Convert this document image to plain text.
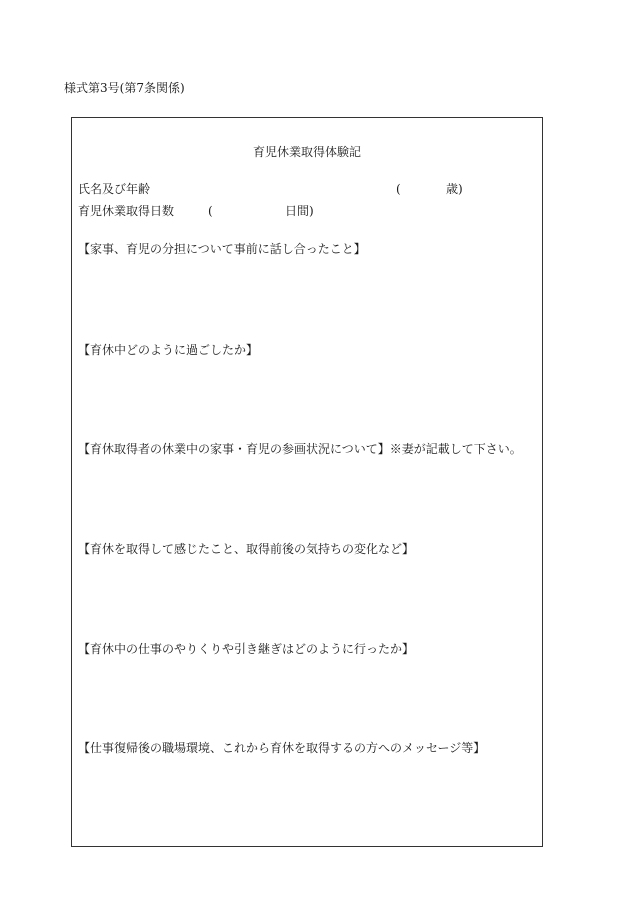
様式第3号(第7条関係)
育児休業取得体験記
氏名及び年齢	(	歳)
育児休業取得日数	(	日間)
【家事、育児の分担について事前に話し合ったこと】
【育休中どのように過ごしたか】
【育休取得者の休業中の家事・育児の参画状況について】※妻が記載して下さい。
【育休を取得して感じたこと、取得前後の気持ちの変化など】
【育休中の仕事のやりくりや引き継ぎはどのように行ったか】
【仕事復帰後の職場環境、これから育休を取得するの方へのメッセージ等】
